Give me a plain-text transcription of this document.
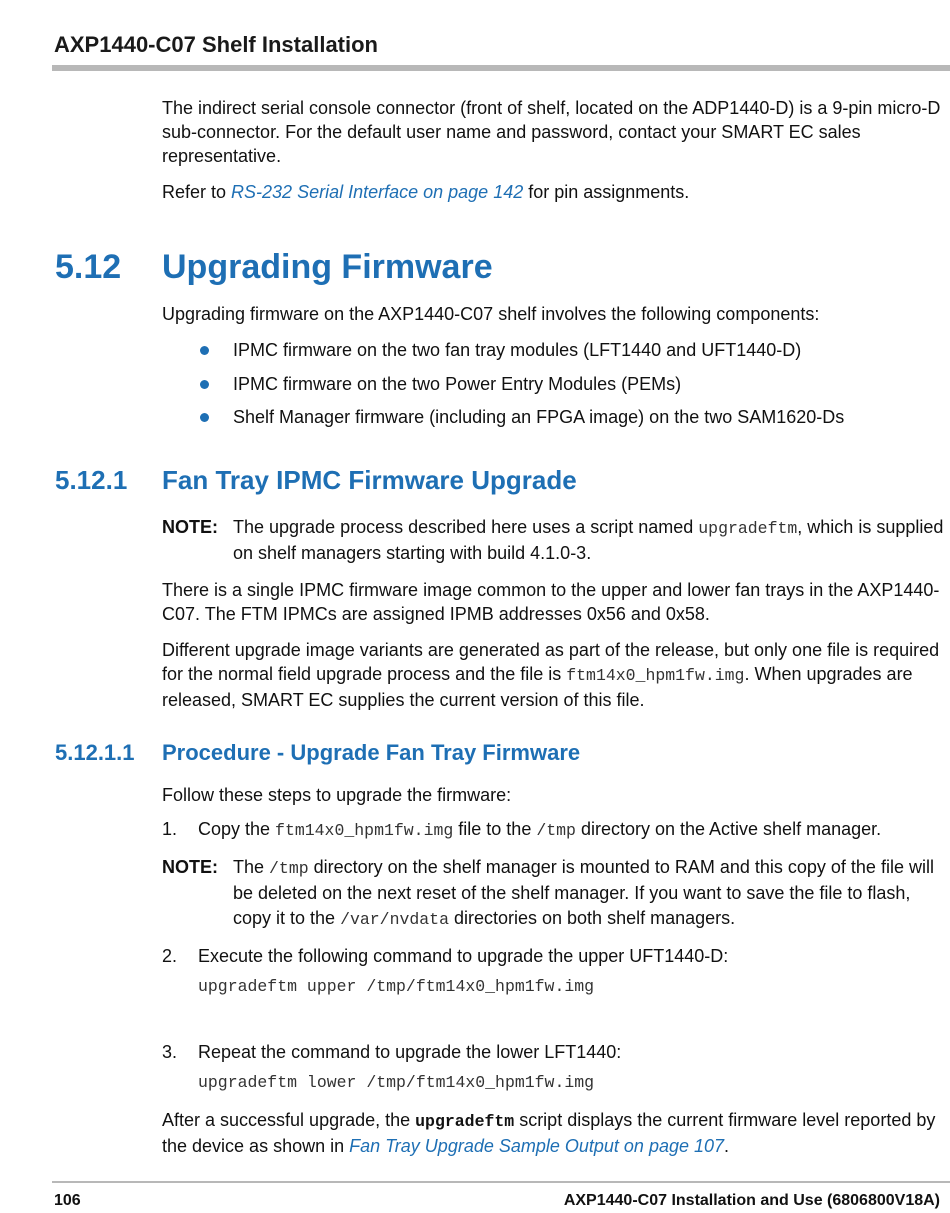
AXP1440-C07 Shelf Installation

The indirect serial console connector (front of shelf, located on the ADP1440-D) is a 9-pin micro-D sub-connector. For the default user name and password, contact your SMART EC sales representative.

Refer to RS-232 Serial Interface on page 142 for pin assignments.

5.12 Upgrading Firmware

Upgrading firmware on the AXP1440-C07 shelf involves the following components:

IPMC firmware on the two fan tray modules (LFT1440 and UFT1440-D)
IPMC firmware on the two Power Entry Modules (PEMs)
Shelf Manager firmware (including an FPGA image) on the two SAM1620-Ds
5.12.1 Fan Tray IPMC Firmware Upgrade
NOTE: The upgrade process described here uses a script named upgradeftm, which is supplied on shelf managers starting with build 4.1.0-3.

There is a single IPMC firmware image common to the upper and lower fan trays in the AXP1440-C07. The FTM IPMCs are assigned IPMB addresses 0x56 and 0x58.

Different upgrade image variants are generated as part of the release, but only one file is required for the normal field upgrade process and the file is ftm14x0_hpm1fw.img. When upgrades are released, SMART EC supplies the current version of this file.

5.12.1.1 Procedure - Upgrade Fan Tray Firmware

Follow these steps to upgrade the firmware:

1.	Copy the ftm14x0_hpm1fw.img file to the /tmp directory on the Active shelf manager.
NOTE: The /tmp directory on the shelf manager is mounted to RAM and this copy of the file will be deleted on the next reset of the shelf manager. If you want to save the file to flash, copy it to the /var/nvdata directories on both shelf managers.
2.	Execute the following command to upgrade the upper UFT1440-D:
upgradeftm upper /tmp/ftm14x0_hpm1fw.img
3.	Repeat the command to upgrade the lower LFT1440:
upgradeftm lower /tmp/ftm14x0_hpm1fw.img

After a successful upgrade, the upgradeftm script displays the current firmware level reported by the device as shown in Fan Tray Upgrade Sample Output on page 107.

106	AXP1440-C07 Installation and Use (6806800V18A)
